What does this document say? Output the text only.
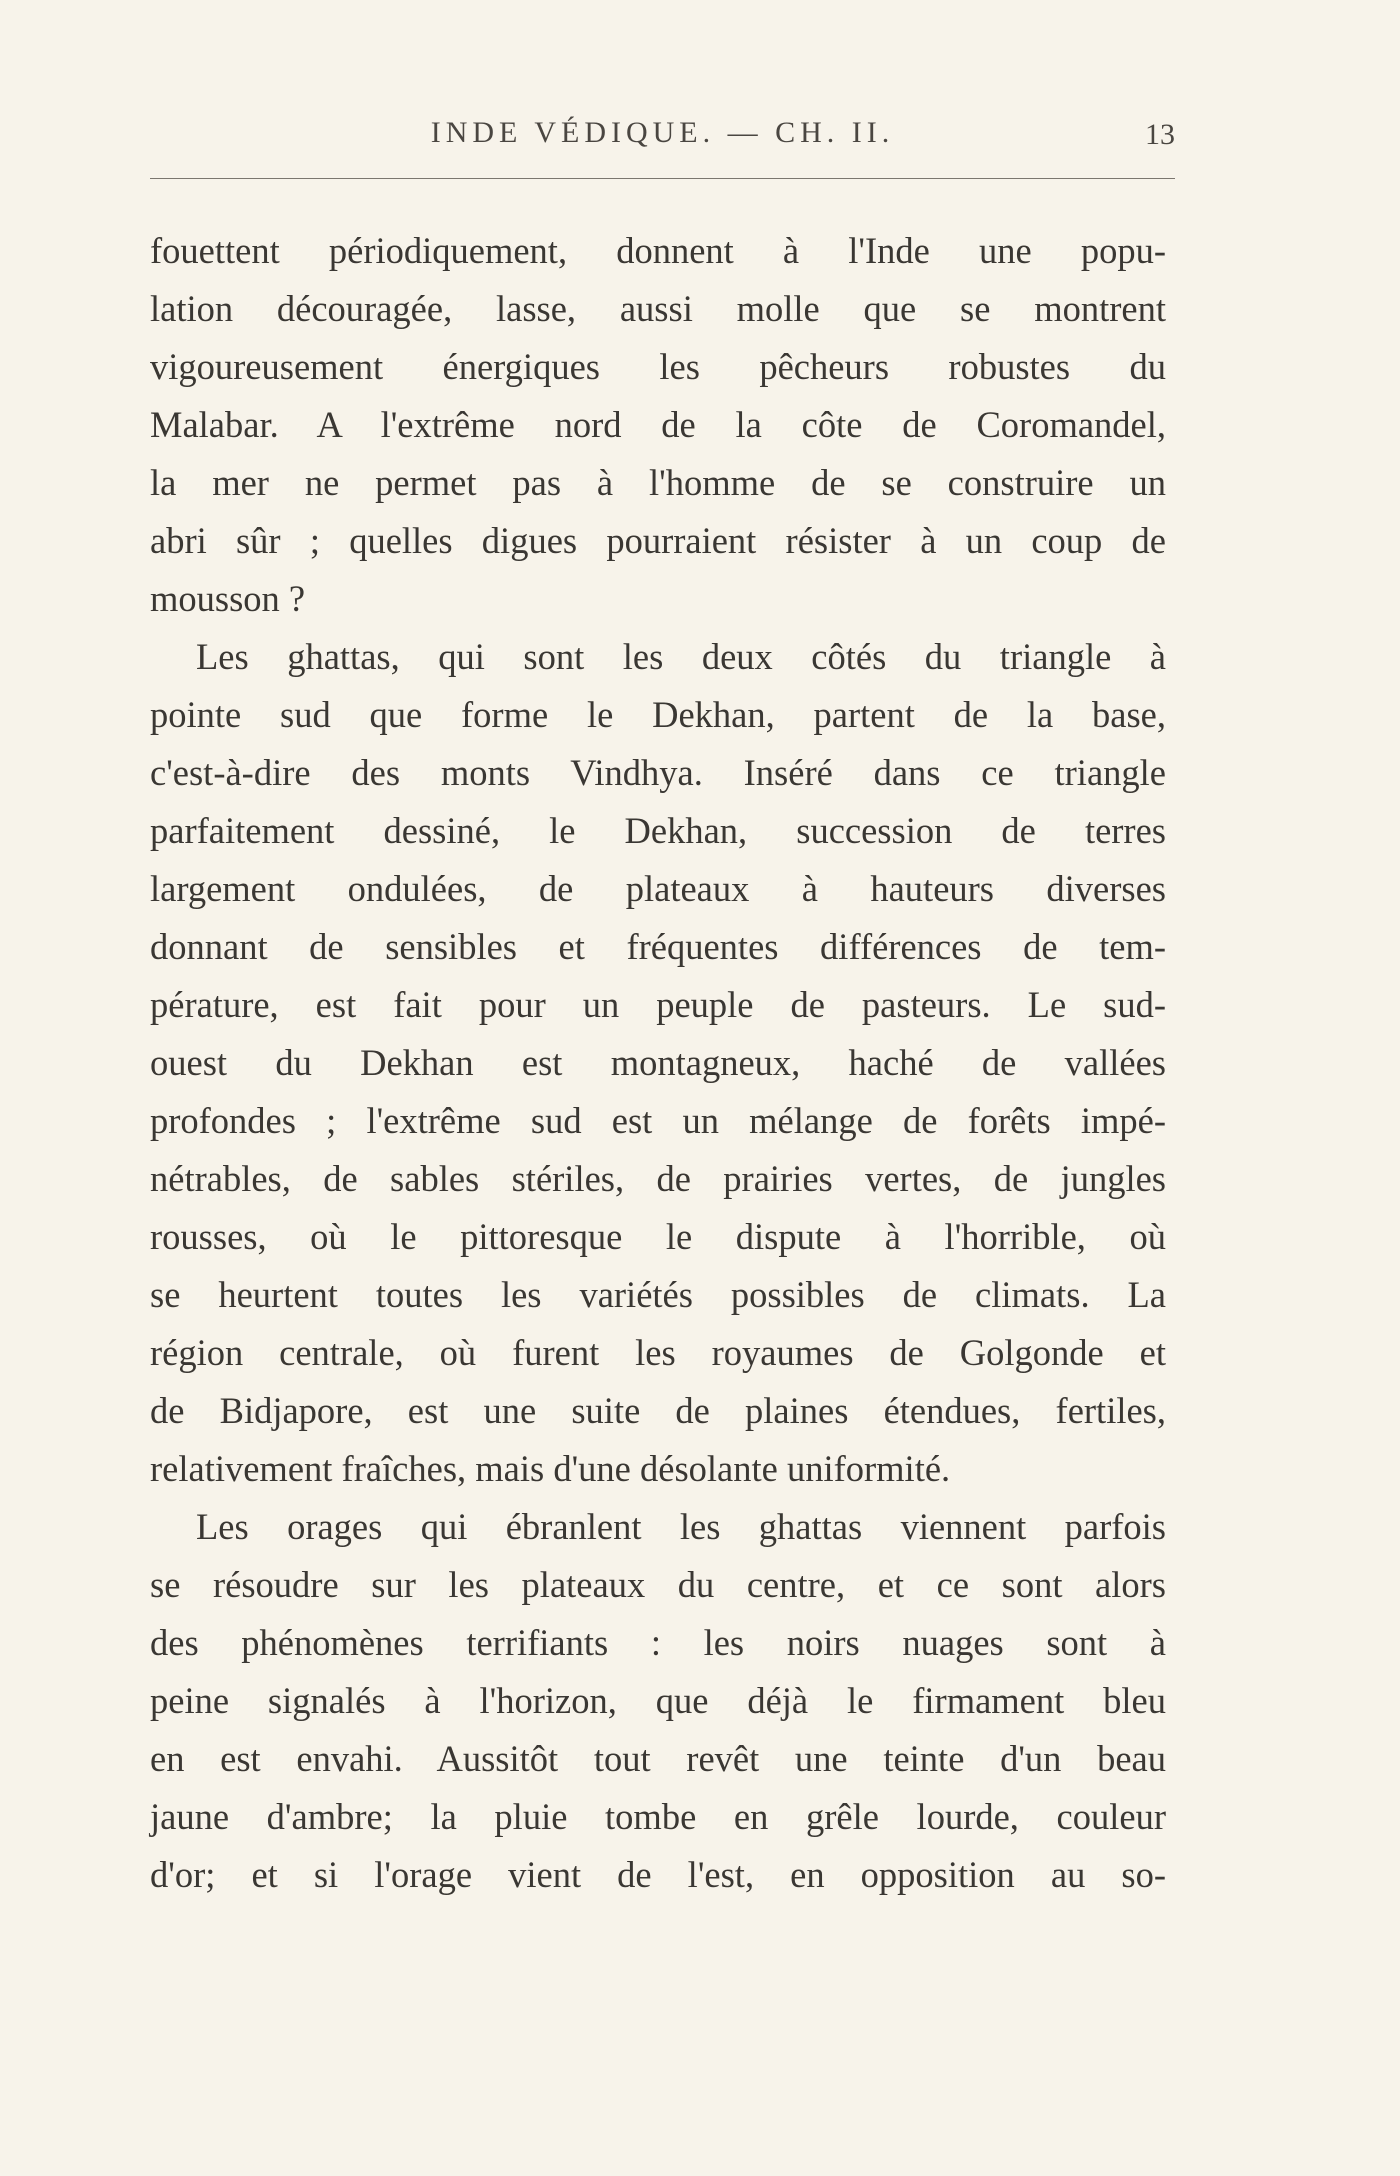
INDE VÉDIQUE. — CH. II.	13
fouettent périodiquement, donnent à l'Inde une popu-
lation découragée, lasse, aussi molle que se montrent
vigoureusement énergiques les pêcheurs robustes du
Malabar. A l'extrême nord de la côte de Coromandel,
la mer ne permet pas à l'homme de se construire un
abri sûr ; quelles digues pourraient résister à un coup de
mousson ?
Les ghattas, qui sont les deux côtés du triangle à
pointe sud que forme le Dekhan, partent de la base,
c'est-à-dire des monts Vindhya. Inséré dans ce triangle
parfaitement dessiné, le Dekhan, succession de terres
largement ondulées, de plateaux à hauteurs diverses
donnant de sensibles et fréquentes différences de tem-
pérature, est fait pour un peuple de pasteurs. Le sud-
ouest du Dekhan est montagneux, haché de vallées
profondes ; l'extrême sud est un mélange de forêts impé-
nétrables, de sables stériles, de prairies vertes, de jungles
rousses, où le pittoresque le dispute à l'horrible, où
se heurtent toutes les variétés possibles de climats. La
région centrale, où furent les royaumes de Golgonde et
de Bidjapore, est une suite de plaines étendues, fertiles,
relativement fraîches, mais d'une désolante uniformité.
Les orages qui ébranlent les ghattas viennent parfois
se résoudre sur les plateaux du centre, et ce sont alors
des phénomènes terrifiants : les noirs nuages sont à
peine signalés à l'horizon, que déjà le firmament bleu
en est envahi. Aussitôt tout revêt une teinte d'un beau
jaune d'ambre; la pluie tombe en grêle lourde, couleur
d'or; et si l'orage vient de l'est, en opposition au so-
